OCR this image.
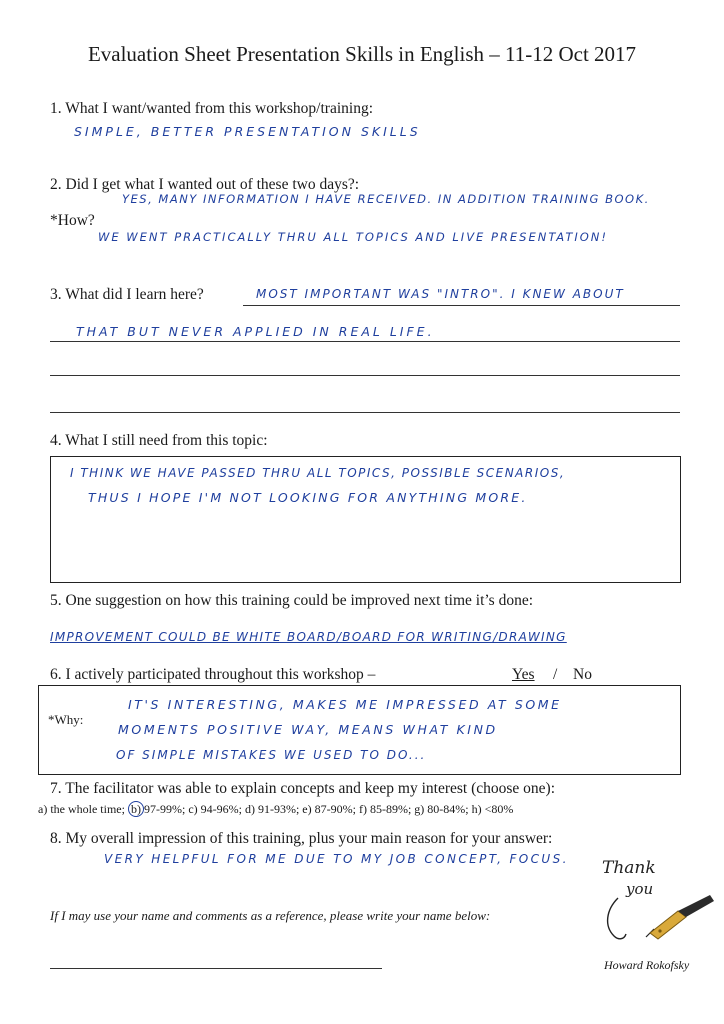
Evaluation Sheet Presentation Skills in English – 11-12 Oct 2017
1. What I want/wanted from this workshop/training:
SIMPLE, BETTER PRESENTATION SKILLS
2. Did I get what I wanted out of these two days?:
YES, MANY INFORMATION I HAVE RECEIVED. IN ADDITION TRAINING BOOK.
*How?
WE WENT PRACTICALLY THRU ALL TOPICS AND LIVE PRESENTATION!
3. What did I learn here?	MOST IMPORTANT WAS "INTRO". I KNEW ABOUT
THAT BUT NEVER APPLIED IN REAL LIFE.
4. What I still need from this topic:
I THINK WE HAVE PASSED THRU ALL TOPICS, POSSIBLE SCENARIOS,
THUS I HOPE I'M NOT LOOKING FOR ANYTHING MORE.
5. One suggestion on how this training could be improved next time it’s done:
IMPROVEMENT COULD BE WHITE BOARD/BOARD FOR WRITING/DRAWING
6. I actively participated throughout this workshop –	Yes / No
*Why:
IT'S INTERESTING, MAKES ME IMPRESSED AT SOME
MOMENTS POSITIVE WAY, MEANS WHAT KIND
OF SIMPLE MISTAKES WE USED TO DO...
7. The facilitator was able to explain concepts and keep my interest (choose one):
a) the whole time; b) 97-99%; c) 94-96%; d) 91-93%; e) 87-90%; f) 85-89%; g) 80-84%; h) <80%
8. My overall impression of this training, plus your main reason for your answer:
VERY HELPFUL FOR ME DUE TO MY JOB CONCEPT, FOCUS.
If I may use your name and comments as a reference, please write your name below:
Thank
you
Howard Rokofsky
